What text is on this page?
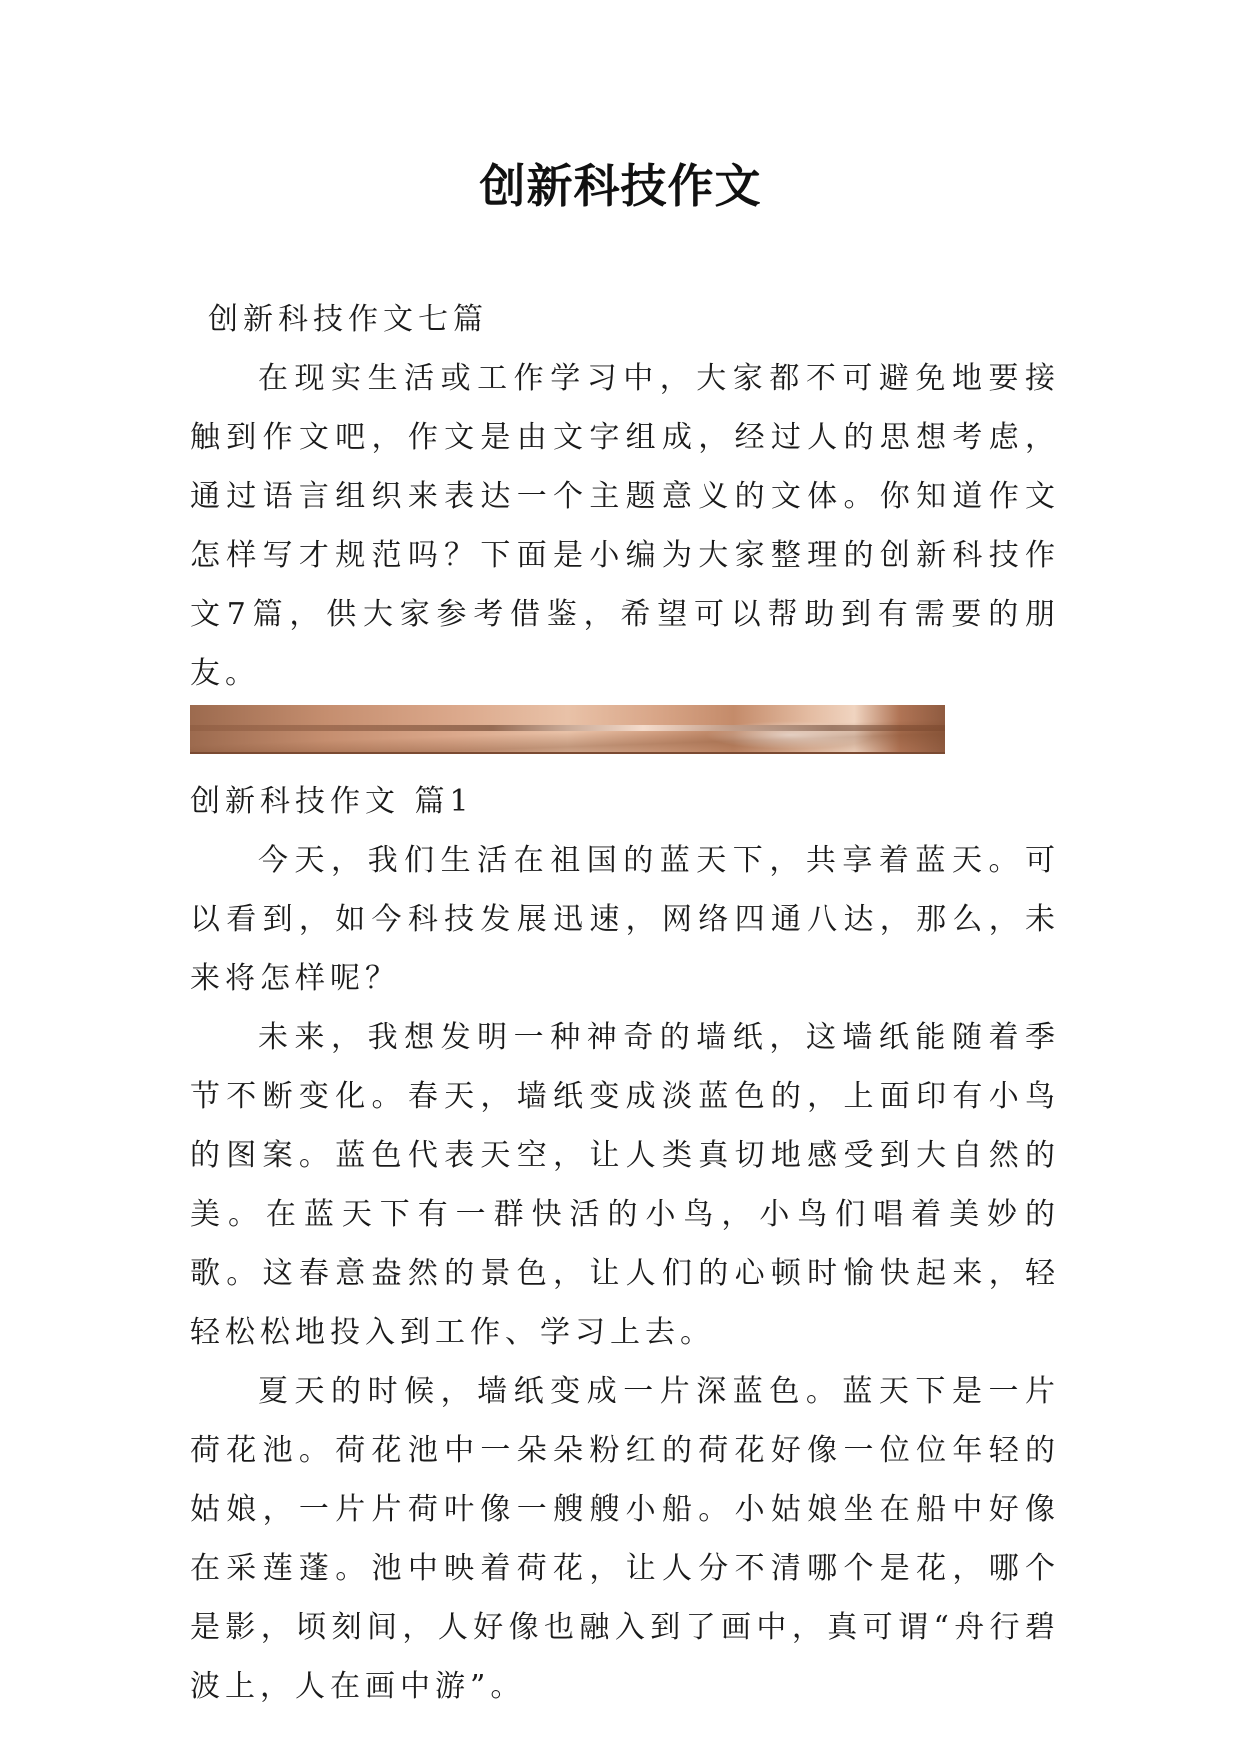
创新科技作文

创新科技作文七篇

在现实生活或工作学习中，大家都不可避免地要接触到作文吧，作文是由文字组成，经过人的思想考虑，通过语言组织来表达一个主题意义的文体。你知道作文怎样写才规范吗？下面是小编为大家整理的创新科技作文7篇，供大家参考借鉴，希望可以帮助到有需要的朋友。

创新科技作文 篇1

今天，我们生活在祖国的蓝天下，共享着蓝天。可以看到，如今科技发展迅速，网络四通八达，那么，未来将怎样呢？

未来，我想发明一种神奇的墙纸，这墙纸能随着季节不断变化。春天，墙纸变成淡蓝色的，上面印有小鸟的图案。蓝色代表天空，让人类真切地感受到大自然的美。在蓝天下有一群快活的小鸟，小鸟们唱着美妙的歌。这春意盎然的景色，让人们的心顿时愉快起来，轻轻松松地投入到工作、学习上去。

夏天的时候，墙纸变成一片深蓝色。蓝天下是一片荷花池。荷花池中一朵朵粉红的荷花好像一位位年轻的姑娘，一片片荷叶像一艘艘小船。小姑娘坐在船中好像在采莲蓬。池中映着荷花，让人分不清哪个是花，哪个是影，顷刻间，人好像也融入到了画中，真可谓“舟行碧波上，人在画中游”。
